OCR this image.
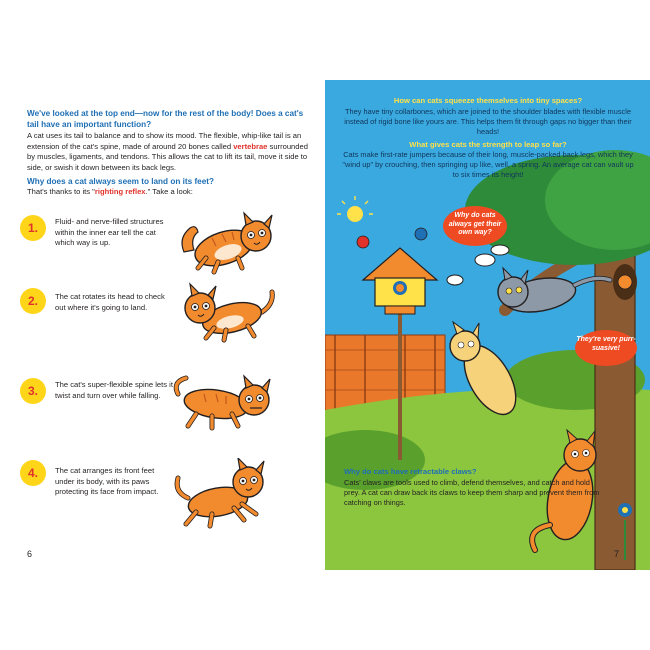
We've looked at the top end—now for the rest of the body! Does a cat's tail have an important function?
A cat uses its tail to balance and to show its mood. The flexible, whip-like tail is an extension of the cat's spine, made of around 20 bones called vertebrae surrounded by muscles, ligaments, and tendons. This allows the cat to lift its tail, move it side to side, or swish it down between its back legs.
Why does a cat always seem to land on its feet?
That's thanks to its "righting reflex." Take a look:
1.	Fluid- and nerve-filled structures within the inner ear tell the cat which way is up.
2.	The cat rotates its head to check out where it's going to land.
3.	The cat's super-flexible spine lets it twist and turn over while falling.
4.	The cat arranges its front feet under its body, with its paws protecting its face from impact.
6
How can cats squeeze themselves into tiny spaces?
They have tiny collarbones, which are joined to the shoulder blades with flexible muscle instead of rigid bone like yours are. This helps them fit through gaps no bigger than their heads!
What gives cats the strength to leap so far?
Cats make first-rate jumpers because of their long, muscle-packed back legs, which they "wind up" by crouching, then springing up like, well, a spring. An average cat can vault up to six times its height!
Why do cats always get their own way?
They're very purr-suasive!
Why do cats have retractable claws?
Cats' claws are tools used to climb, defend themselves, and catch and hold prey. A cat can draw back its claws to keep them sharp and prevent them from catching on things.
7
